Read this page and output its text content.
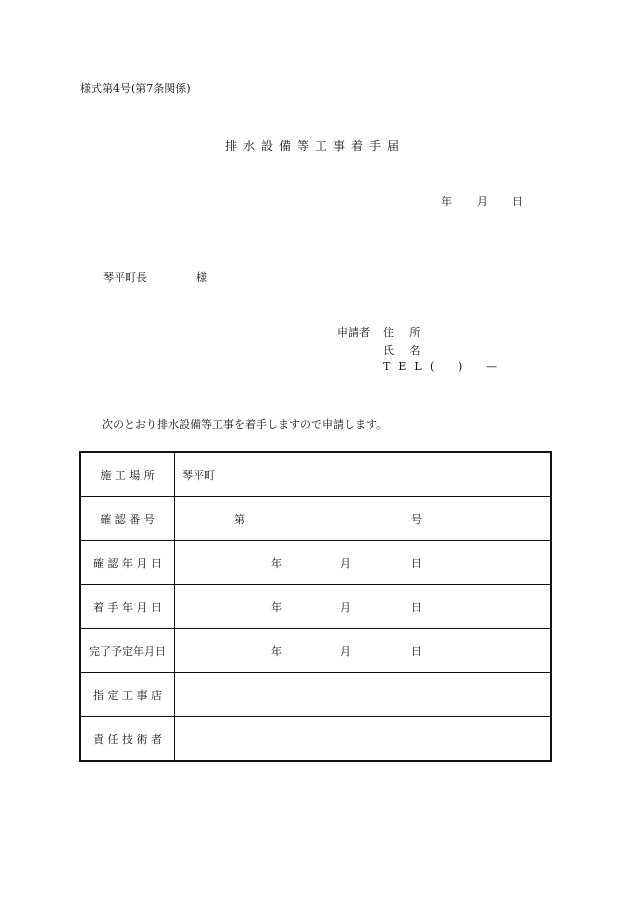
様式第4号(第7条関係)
排水設備等工事着手届
年 月 日
琴平町長	様
申請者 住 所
氏 名
TEL ( ) —
次のとおり排水設備等工事を着手しますので申請します。
施 工 場 所	琴平町

確 認 番 号	第 号

確 認 年 月 日	年 月 日

着 手 年 月 日	年 月 日

完了予定年月日	年 月 日

指 定 工 事 店	

責 任 技 術 者	
